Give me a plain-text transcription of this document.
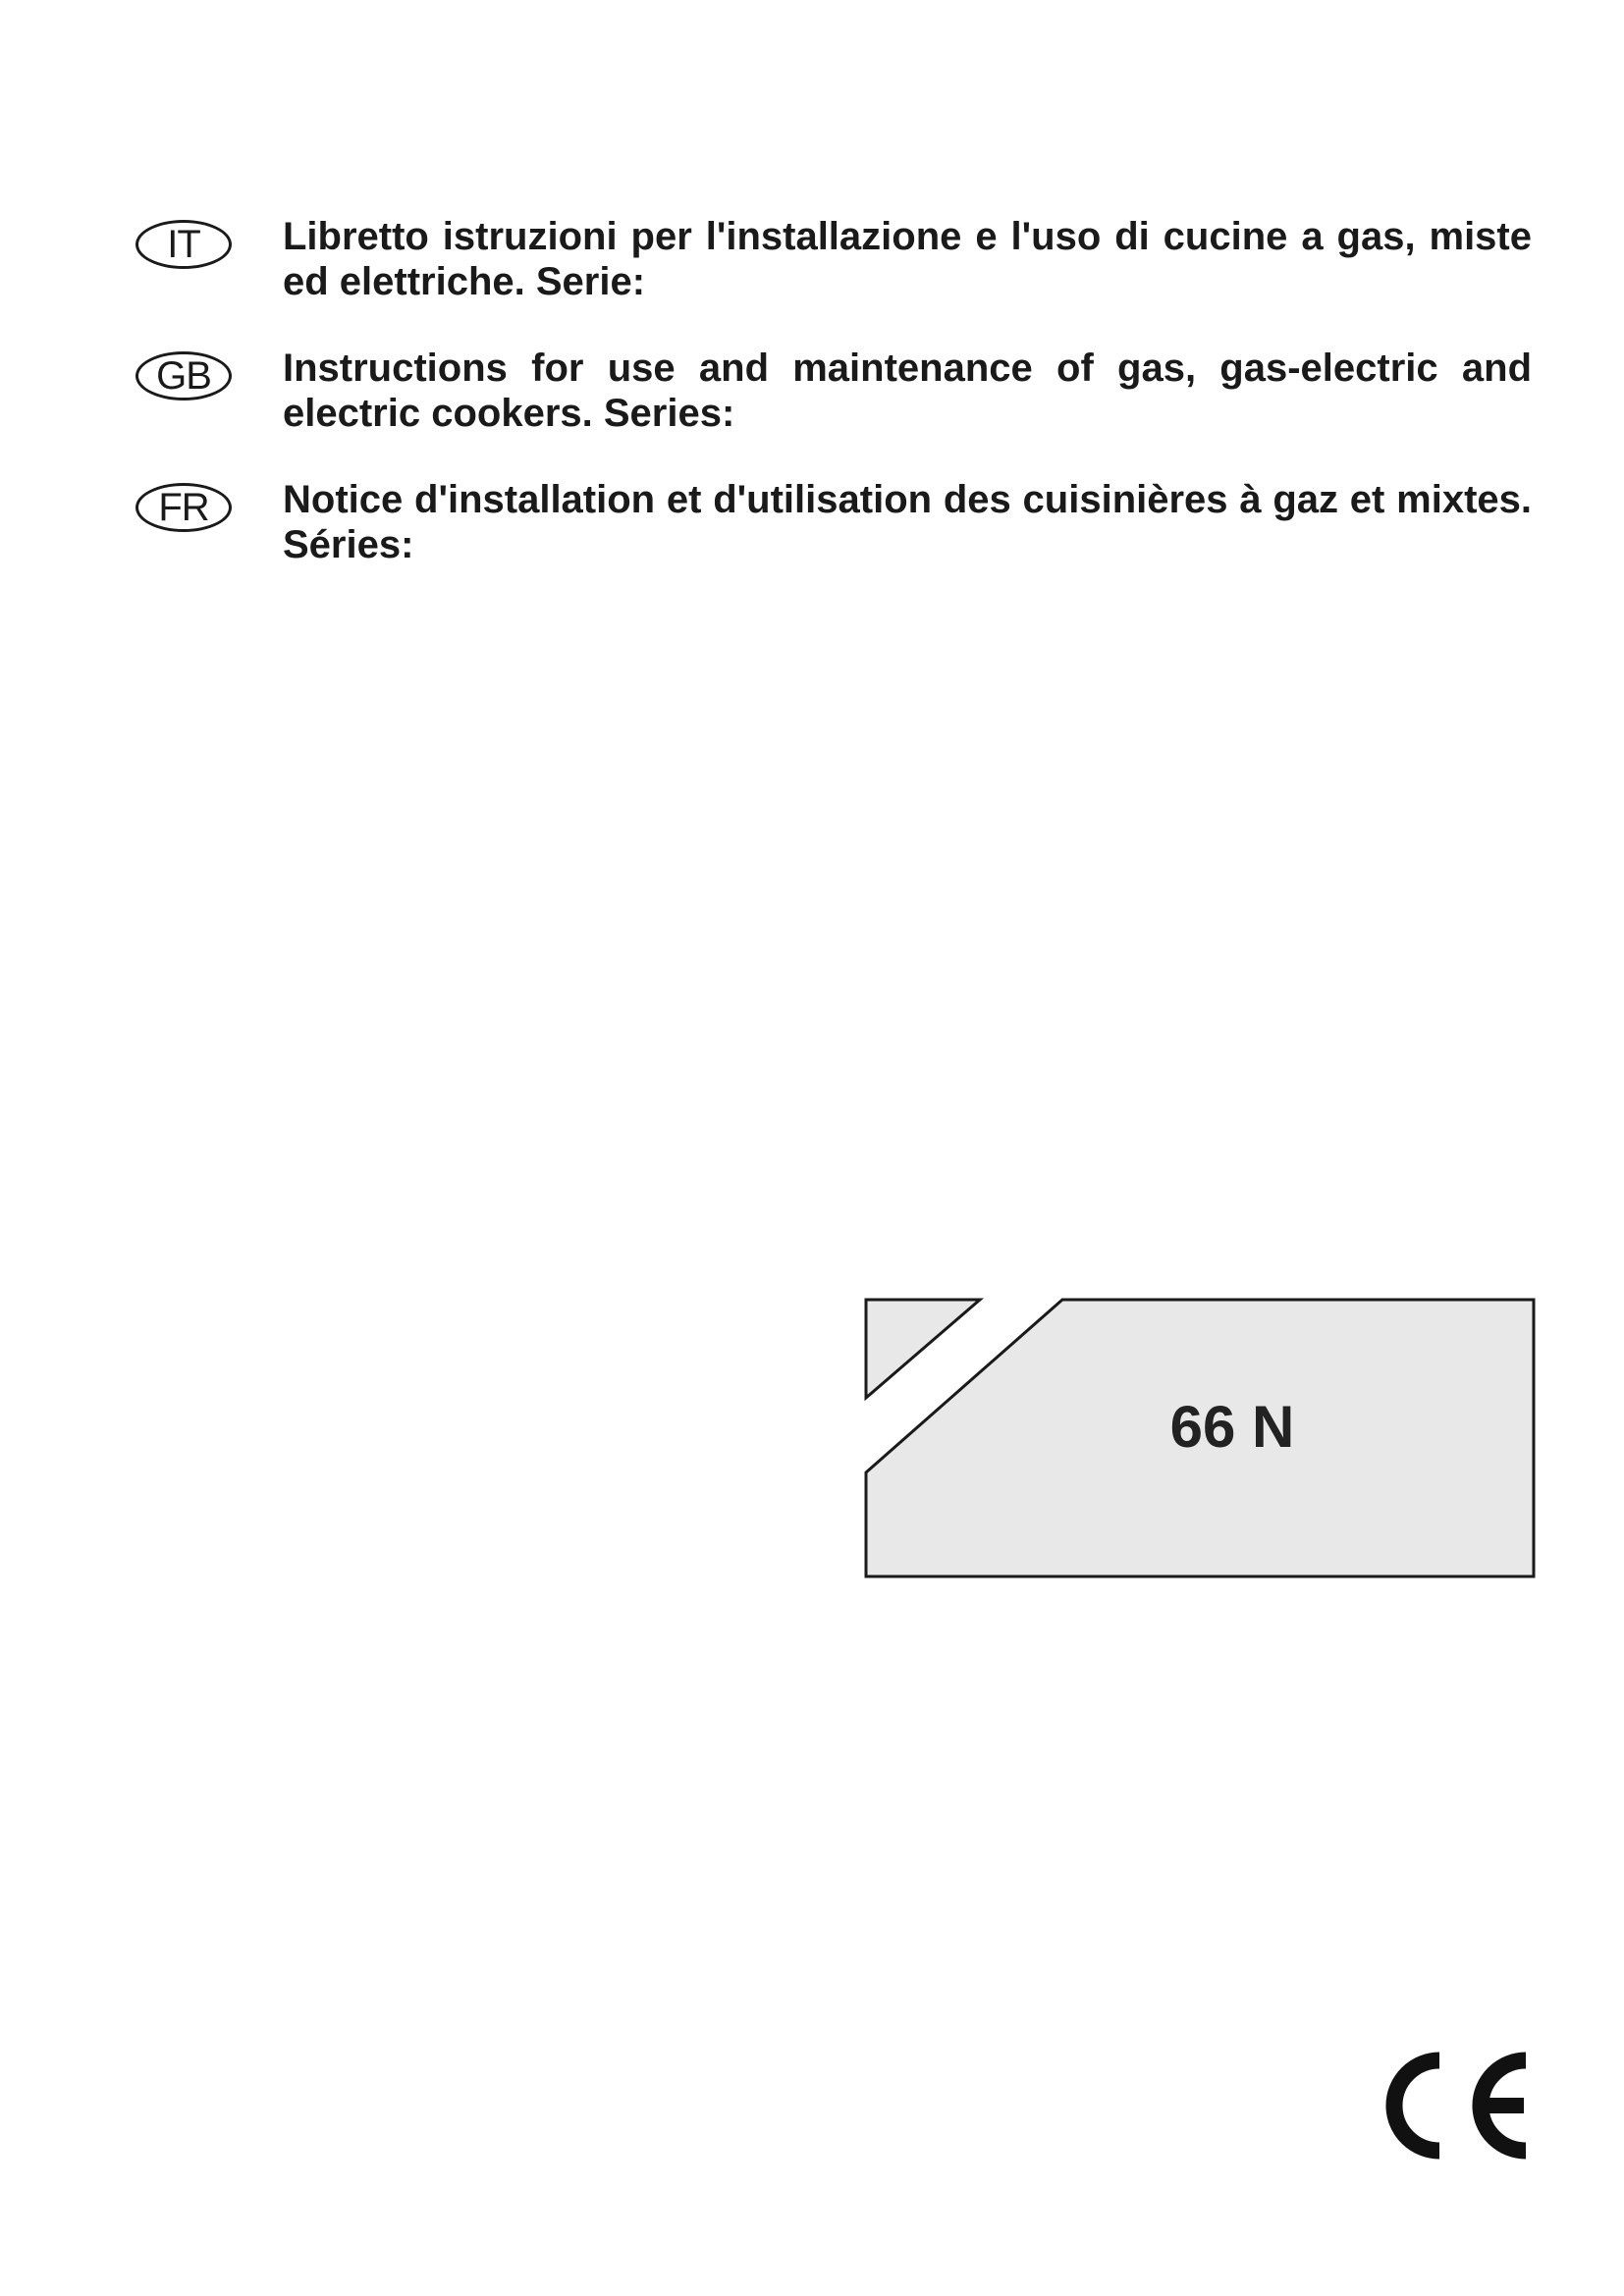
IT	Libretto istruzioni per l'installazione e l'uso di cucine a gas, miste ed elettriche. Serie:
GB	Instructions for use and maintenance of gas, gas-electric and electric cookers. Series:
FR	Notice d'installation et d'utilisation des cuisinières à gaz et mixtes. Séries:
66 N
